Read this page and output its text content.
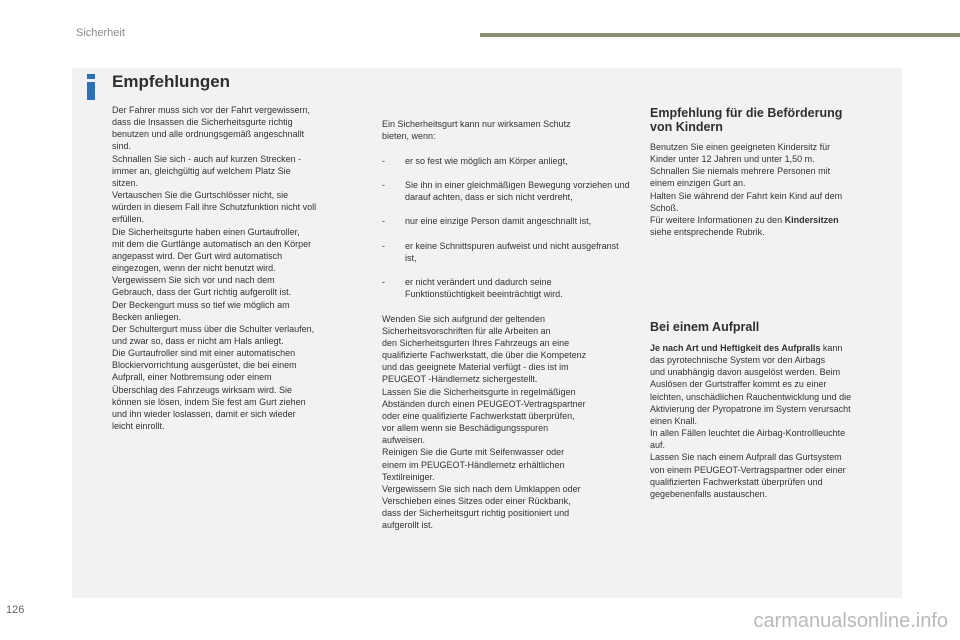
Sicherheit
Empfehlungen
Der Fahrer muss sich vor der Fahrt vergewissern,
dass die Insassen die Sicherheitsgurte richtig
benutzen und alle ordnungsgemäß angeschnallt
sind.
Schnallen Sie sich - auch auf kurzen Strecken -
immer an, gleichgültig auf welchem Platz Sie
sitzen.
Vertauschen Sie die Gurtschlösser nicht, sie
würden in diesem Fall ihre Schutzfunktion nicht voll
erfüllen.
Die Sicherheitsgurte haben einen Gurtaufroller,
mit dem die Gurtlänge automatisch an den Körper
angepasst wird. Der Gurt wird automatisch
eingezogen, wenn der nicht benutzt wird.
Vergewissern Sie sich vor und nach dem
Gebrauch, dass der Gurt richtig aufgerollt ist.
Der Beckengurt muss so tief wie möglich am
Becken anliegen.
Der Schultergurt muss über die Schulter verlaufen,
und zwar so, dass er nicht am Hals anliegt.
Die Gurtaufroller sind mit einer automatischen
Blockiervorrichtung ausgerüstet, die bei einem
Aufprall, einer Notbremsung oder einem
Überschlag des Fahrzeugs wirksam wird. Sie
können sie lösen, indem Sie fest am Gurt ziehen
und ihn wieder loslassen, damit er sich wieder
leicht einrollt.

Ein Sicherheitsgurt kann nur wirksamen Schutz
bieten, wenn:

-	er so fest wie möglich am Körper anliegt,

-	Sie ihn in einer gleichmäßigen Bewegung vorziehen und darauf achten, dass er sich nicht verdreht,

-	nur eine einzige Person damit angeschnallt ist,

-	er keine Schnittspuren aufweist und nicht ausgefranst ist,

-	er nicht verändert und dadurch seine Funktionstüchtigkeit beeinträchtigt wird.

Wenden Sie sich aufgrund der geltenden
Sicherheitsvorschriften für alle Arbeiten an
den Sicherheitsgurten Ihres Fahrzeugs an eine
qualifizierte Fachwerkstatt, die über die Kompetenz
und das geeignete Material verfügt - dies ist im
PEUGEOT -Händlernetz sichergestellt.
Lassen Sie die Sicherheitsgurte in regelmäßigen
Abständen durch einen PEUGEOT-Vertragspartner
oder eine qualifizierte Fachwerkstatt überprüfen,
vor allem wenn sie Beschädigungsspuren
aufweisen.
Reinigen Sie die Gurte mit Seifenwasser oder
einem im PEUGEOT-Händlernetz erhältlichen
Textilreiniger.
Vergewissern Sie sich nach dem Umklappen oder
Verschieben eines Sitzes oder einer Rückbank,
dass der Sicherheitsgurt richtig positioniert und
aufgerollt ist.

Empfehlung für die Beförderung
von Kindern
Benutzen Sie einen geeigneten Kindersitz für
Kinder unter 12 Jahren und unter 1,50 m.
Schnallen Sie niemals mehrere Personen mit
einem einzigen Gurt an.
Halten Sie während der Fahrt kein Kind auf dem
Schoß.
Für weitere Informationen zu den Kindersitzen
siehe entsprechende Rubrik.
Bei einem Aufprall
Je nach Art und Heftigkeit des Aufpralls kann
das pyrotechnische System vor den Airbags
und unabhängig davon ausgelöst werden. Beim
Auslösen der Gurtstraffer kommt es zu einer
leichten, unschädlichen Rauchentwicklung und die
Aktivierung der Pyropatrone im System verursacht
einen Knall.
In allen Fällen leuchtet die Airbag-Kontrollleuchte
auf.
Lassen Sie nach einem Aufprall das Gurtsystem
von einem PEUGEOT-Vertragspartner oder einer
qualifizierten Fachwerkstatt überprüfen und
gegebenenfalls austauschen.
126	carmanualsonline.info
